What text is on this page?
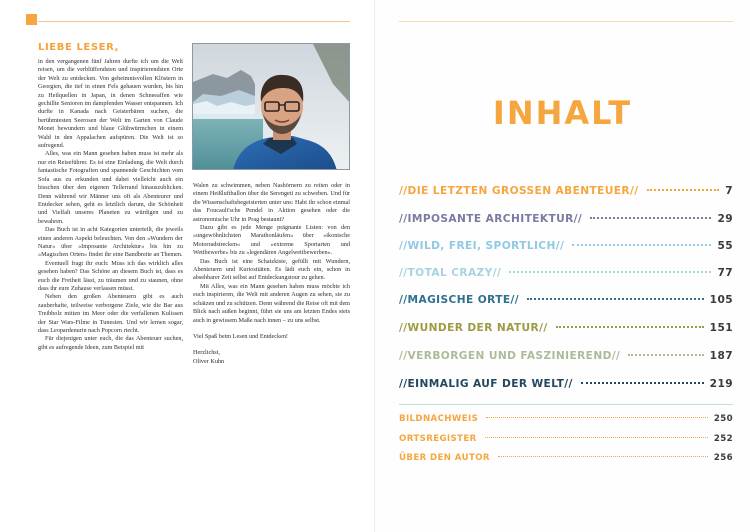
LIEBE LESER,

in den vergangenen fünf Jahren durfte ich um die Welt reisen, um die verblüffendsten und inspirierendsten Orte der Welt zu entdecken. Von geheimnisvollen Klöstern in Georgien, die tief in einen Fels gehauen wurden, bis hin zu Heilquellen in Japan, in denen Schneeaffen wie gechillte Senioren im dampfenden Wasser entspannen. Ich durfte in Kanada nach Geisterbären suchen, die berühmtesten Seerosen der Welt im Garten von Claude Monet bewundern und blaue Glühwürmchen in einem Wald in den Appalachen aufspüren. Die Welt ist so aufregend.

Alles, was ein Mann gesehen haben muss ist mehr als nur ein Reiseführer. Es ist eine Einladung, die Welt durch fantastische Fotografien und spannende Geschichten vom Sofa aus zu erkunden und dabei vielleicht auch ein bisschen über den eigenen Tellerrand hinauszublicken. Denn während wir Männer uns oft als Abenteurer und Entdecker sehen, geht es letztlich darum, die Schönheit und Vielfalt unseres Planeten zu würdigen und zu bewahren.

Das Buch ist in acht Kategorien unterteilt, die jeweils einen anderen Aspekt beleuchten. Von den »Wundern der Natur« über »Imposante Architektur« bis hin zu »Magischen Orten« findet ihr eine Bandbreite an Themen.

Eventuell fragt ihr euch: Muss ich das wirklich alles gesehen haben? Das Schöne an diesem Buch ist, dass es euch die Freiheit lässt, zu träumen und zu staunen, ohne dass ihr eure Zuhause verlassen müsst.

Neben den großen Abenteuern gibt es auch zauberhafte, teilweise verborgene Ziele, wie die Bar aus Treibholz mitten im Meer oder die verfallenen Kulissen der Star Wars-Filme in Tunesien. Und wir lernen sogar, dass Leopardenurin nach Popcorn riecht.

Für diejenigen unter euch, die das Abenteuer suchen, gibt es aufregende Ideen, zum Beispiel mit

Walen zu schwimmen, neben Nashörnern zu reiten oder in einem Heißluftballon über die Serengeti zu schweben. Und für die Wissenschaftsbegeisterten unter uns: Habt ihr schon einmal das Foucault'sche Pendel in Aktion gesehen oder die astronomische Uhr in Prag bestaunt?

Dazu gibt es jede Menge prägnante Listen: von den »ungewöhnlichsten Marathonläufen« über »ikonische Motorradstrecken« und »extreme Sportarten und Wettbewerbe« bis zu »legendären Angelwettbewerben«.

Das Buch ist eine Schatzkiste, gefüllt mit Wundern, Abenteuern und Kuriositäten. Es lädt euch ein, schon in absehbarer Zeit selbst auf Entdeckungstour zu gehen.

Mit Alles, was ein Mann gesehen haben muss möchte ich euch inspirieren, die Welt mit anderen Augen zu sehen, sie zu schätzen und zu schützen. Denn während die Reise oft mit dem Blick nach außen beginnt, führt sie uns am letzten Endes stets auch in gewissem Maße nach innen – zu uns selbst.

Viel Spaß beim Lesen und Entdecken!

Herzlichst,

Oliver Kuhn

INHALT
//DIE LETZTEN GROSSEN ABENTEUER//	7
//IMPOSANTE ARCHITEKTUR//	29
//WILD, FREI, SPORTLICH//	55
//TOTAL CRAZY//	77
//MAGISCHE ORTE//	105
//WUNDER DER NATUR//	151
//VERBORGEN UND FASZINIEREND//	187
//EINMALIG AUF DER WELT//	219
BILDNACHWEIS	250
ORTSREGISTER	252
ÜBER DEN AUTOR	256
